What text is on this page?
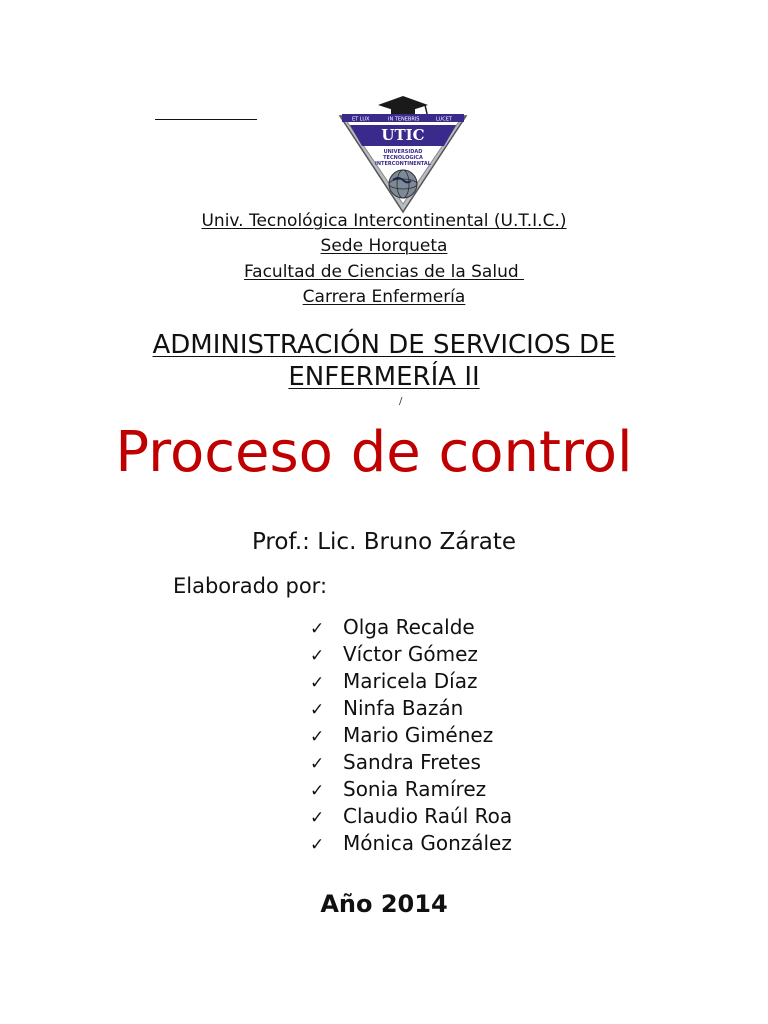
ET LUX	IN TENEBRIS	LUCET
UTIC
UNIVERSIDAD
TECNOLOGICA
INTERCONTINENTAL
Univ. Tecnológica Intercontinental (U.T.I.C.)
Sede Horqueta
Facultad de Ciencias de la Salud
Carrera Enfermería
ADMINISTRACIÓN DE SERVICIOS DE
ENFERMERÍA II
/
Proceso de control
Prof.: Lic. Bruno Zárate
Elaborado por:
✓ Olga Recalde
✓ Víctor Gómez
✓ Maricela Díaz
✓ Ninfa Bazán
✓ Mario Giménez
✓ Sandra Fretes
✓ Sonia Ramírez
✓ Claudio Raúl Roa
✓ Mónica González
Año 2014
